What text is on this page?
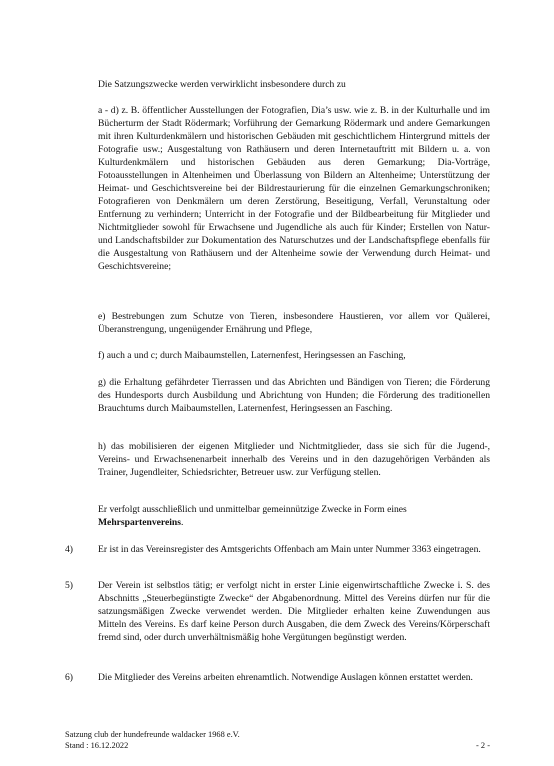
Die Satzungszwecke werden verwirklicht insbesondere durch zu

a - d) z. B. öffentlicher Ausstellungen der Fotografien, Dia’s usw. wie z. B. in der Kulturhalle und im Bücherturm der Stadt Rödermark; Vorführung der Gemarkung Rödermark und andere Gemarkungen mit ihren Kulturdenkmälern und historischen Gebäuden mit geschichtlichem Hintergrund mittels der Fotografie usw.; Ausgestaltung von Rathäusern und deren Internetauftritt mit Bildern u. a. von Kulturdenkmälern und historischen Gebäuden aus deren Gemarkung; Dia-Vorträge, Fotoausstellungen in Altenheimen und Überlassung von Bildern an Altenheime; Unterstützung der Heimat- und Geschichtsvereine bei der Bildrestaurierung für die einzelnen Gemarkungschroniken; Fotografieren von Denkmälern um deren Zerstörung, Beseitigung, Verfall, Verunstaltung oder Entfernung zu verhindern; Unterricht in der Fotografie und der Bildbearbeitung für Mitglieder und Nichtmitglieder sowohl für Erwachsene und Jugendliche als auch für Kinder; Erstellen von Natur- und Landschaftsbilder zur Dokumentation des Naturschutzes und der Landschaftspflege ebenfalls für die Ausgestaltung von Rathäusern und der Altenheime sowie der Verwendung durch Heimat- und Geschichtsvereine;

e) Bestrebungen zum Schutze von Tieren, insbesondere Haustieren, vor allem vor Quälerei, Überanstrengung, ungenügender Ernährung und Pflege,

f) auch a und c; durch Maibaumstellen, Laternenfest, Heringsessen an Fasching,

g) die Erhaltung gefährdeter Tierrassen und das Abrichten und Bändigen von Tieren; die Förderung des Hundesports durch Ausbildung und Abrichtung von Hunden; die Förderung des traditionellen Brauchtums durch Maibaumstellen, Laternenfest, Heringsessen an Fasching.

h) das mobilisieren der eigenen Mitglieder und Nichtmitglieder, dass sie sich für die Jugend-, Vereins- und Erwachsenenarbeit innerhalb des Vereins und in den dazugehörigen Verbänden als Trainer, Jugendleiter, Schiedsrichter, Betreuer usw. zur Verfügung stellen.

Er verfolgt ausschließlich und unmittelbar gemeinnützige Zwecke in Form eines
Mehrspartenvereins.

4)	Er ist in das Vereinsregister des Amtsgerichts Offenbach am Main unter Nummer 3363 eingetragen.

5)	Der Verein ist selbstlos tätig; er verfolgt nicht in erster Linie eigenwirtschaftliche Zwecke i. S. des Abschnitts „Steuerbegünstigte Zwecke“ der Abgabenordnung. Mittel des Vereins dürfen nur für die satzungsmäßigen Zwecke verwendet werden. Die Mitglieder erhalten keine Zuwendungen aus Mitteln des Vereins. Es darf keine Person durch Ausgaben, die dem Zweck des Vereins/Körperschaft fremd sind, oder durch unverhältnismäßig hohe Vergütungen begünstigt werden.

6)	Die Mitglieder des Vereins arbeiten ehrenamtlich. Notwendige Auslagen können erstattet werden.

Satzung club der hundefreunde waldacker 1968 e.V.

Stand : 16.12.2022	- 2 -
